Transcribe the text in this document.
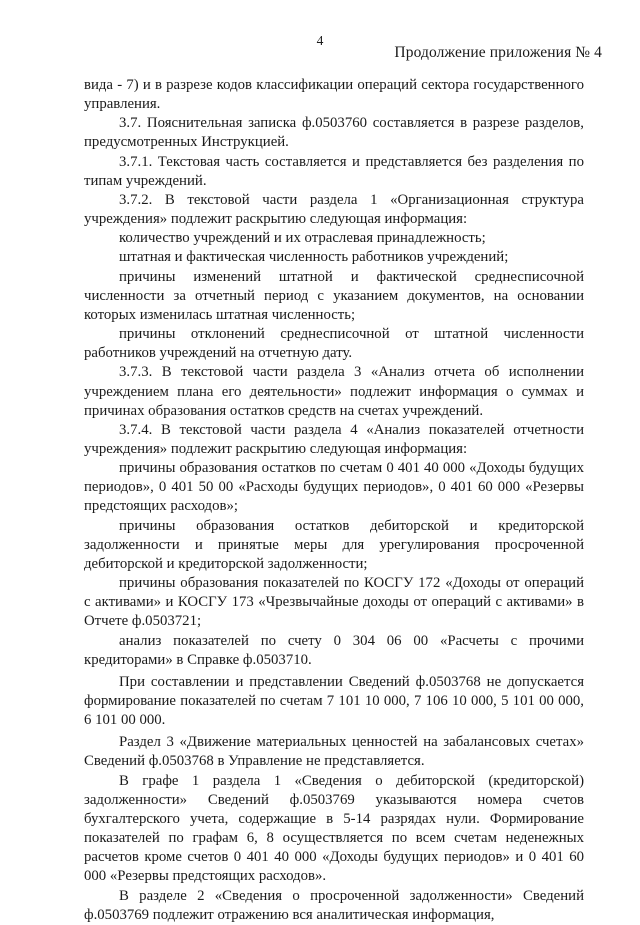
4
Продолжение приложения № 4

вида - 7) и в разрезе кодов классификации операций сектора государственного управления.

3.7. Пояснительная записка ф.0503760 составляется в разрезе разделов, предусмотренных Инструкцией.

3.7.1. Текстовая часть составляется и представляется без разделения по типам учреждений.

3.7.2. В текстовой части раздела 1 «Организационная структура учреждения» подлежит раскрытию следующая информация:

количество учреждений и их отраслевая принадлежность;

штатная и фактическая численность работников учреждений;

причины изменений штатной и фактической среднесписочной численности за отчетный период с указанием документов, на основании которых изменилась штатная численность;

причины отклонений среднесписочной от штатной численности работников учреждений на отчетную дату.

3.7.3. В текстовой части раздела 3 «Анализ отчета об исполнении учреждением плана его деятельности» подлежит информация о суммах и причинах образования остатков средств на счетах учреждений.

3.7.4. В текстовой части раздела 4 «Анализ показателей отчетности учреждения» подлежит раскрытию следующая информация:

причины образования остатков по счетам 0 401 40 000 «Доходы будущих периодов», 0 401 50 00 «Расходы будущих периодов», 0 401 60 000 «Резервы предстоящих расходов»;

причины образования остатков дебиторской и кредиторской задолженности и принятые меры для урегулирования просроченной дебиторской и кредиторской задолженности;

причины образования показателей по КОСГУ 172 «Доходы от операций с активами» и КОСГУ 173 «Чрезвычайные доходы от операций с активами» в Отчете ф.0503721;

анализ показателей по счету 0 304 06 00 «Расчеты с прочими кредиторами» в Справке ф.0503710.

При составлении и представлении Сведений ф.0503768 не допускается формирование показателей по счетам 7 101 10 000, 7 106 10 000, 5 101 00 000, 6 101 00 000.

Раздел 3 «Движение материальных ценностей на забалансовых счетах» Сведений ф.0503768 в Управление не представляется.

В графе 1 раздела 1 «Сведения о дебиторской (кредиторской) задолженности» Сведений ф.0503769 указываются номера счетов бухгалтерского учета, содержащие в 5-14 разрядах нули. Формирование показателей по графам 6, 8 осуществляется по всем счетам неденежных расчетов кроме счетов 0 401 40 000 «Доходы будущих периодов» и 0 401 60 000 «Резервы предстоящих расходов».

В разделе 2 «Сведения о просроченной задолженности» Сведений ф.0503769 подлежит отражению вся аналитическая информация,
